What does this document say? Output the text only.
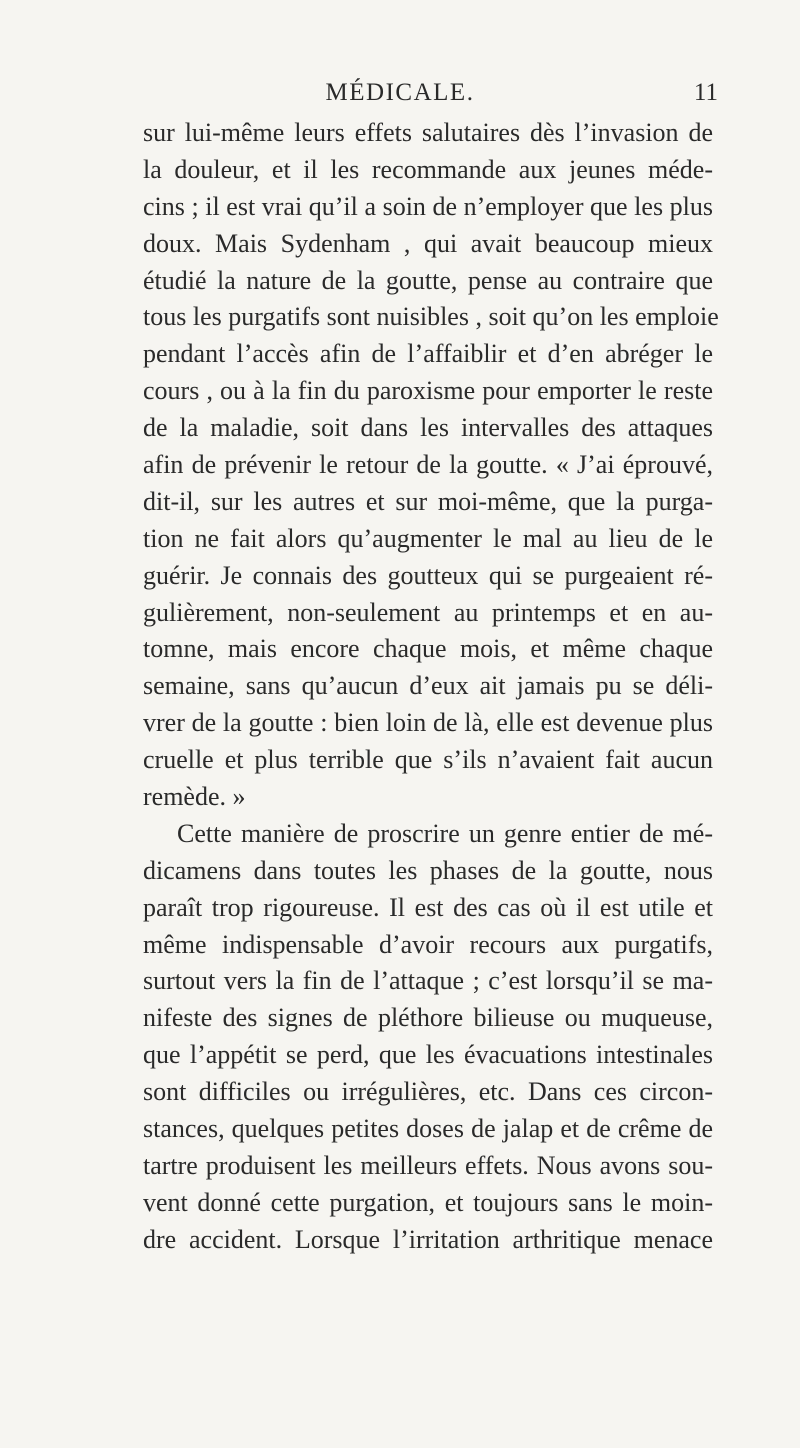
MÉDICALE.	11
sur lui-même leurs effets salutaires dès l’invasion de
la douleur, et il les recommande aux jeunes méde-
cins ; il est vrai qu’il a soin de n’employer que les plus
doux. Mais Sydenham , qui avait beaucoup mieux
étudié la nature de la goutte, pense au contraire que
tous les purgatifs sont nuisibles , soit qu’on les emploie
pendant l’accès afin de l’affaiblir et d’en abréger le
cours , ou à la fin du paroxisme pour emporter le reste
de la maladie, soit dans les intervalles des attaques
afin de prévenir le retour de la goutte. « J’ai éprouvé,
dit-il, sur les autres et sur moi-même, que la purga-
tion ne fait alors qu’augmenter le mal au lieu de le
guérir. Je connais des goutteux qui se purgeaient ré-
gulièrement, non-seulement au printemps et en au-
tomne, mais encore chaque mois, et même chaque
semaine, sans qu’aucun d’eux ait jamais pu se déli-
vrer de la goutte : bien loin de là, elle est devenue plus
cruelle et plus terrible que s’ils n’avaient fait aucun
remède. »
Cette manière de proscrire un genre entier de mé-
dicamens dans toutes les phases de la goutte, nous
paraît trop rigoureuse. Il est des cas où il est utile et
même indispensable d’avoir recours aux purgatifs,
surtout vers la fin de l’attaque ; c’est lorsqu’il se ma-
nifeste des signes de pléthore bilieuse ou muqueuse,
que l’appétit se perd, que les évacuations intestinales
sont difficiles ou irrégulières, etc. Dans ces circon-
stances, quelques petites doses de jalap et de crême de
tartre produisent les meilleurs effets. Nous avons sou-
vent donné cette purgation, et toujours sans le moin-
dre accident. Lorsque l’irritation arthritique menace
